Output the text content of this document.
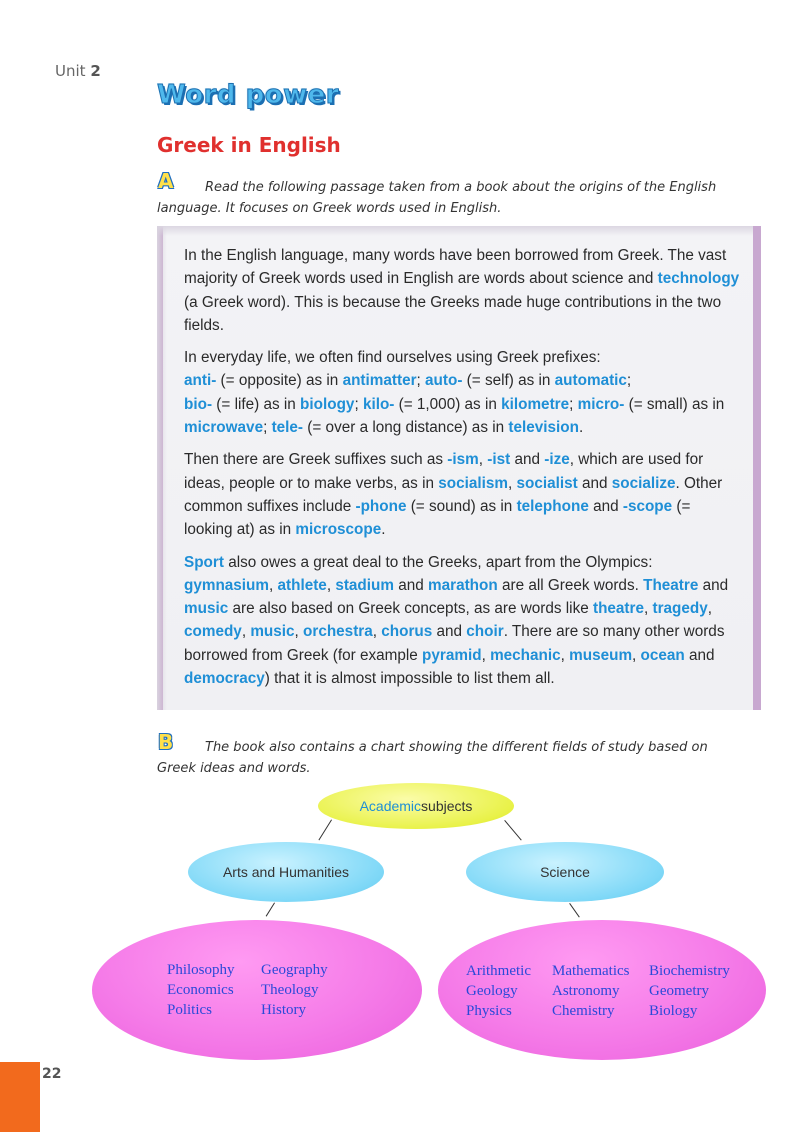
Unit 2
Word power
Greek in English
A	Read the following passage taken from a book about the origins of the English language. It focuses on Greek words used in English.

In the English language, many words have been borrowed from Greek. The vast majority of Greek words used in English are words about science and technology (a Greek word). This is because the Greeks made huge contributions in the two fields.

In everyday life, we often find ourselves using Greek prefixes:
anti- (= opposite) as in antimatter; auto- (= self) as in automatic;
bio- (= life) as in biology; kilo- (= 1,000) as in kilometre; micro- (= small) as in microwave; tele- (= over a long distance) as in television.

Then there are Greek suffixes such as -ism, -ist and -ize, which are used for ideas, people or to make verbs, as in socialism, socialist and socialize. Other common suffixes include -phone (= sound) as in telephone and -scope (= looking at) as in microscope.

Sport also owes a great deal to the Greeks, apart from the Olympics: gymnasium, athlete, stadium and marathon are all Greek words. Theatre and music are also based on Greek concepts, as are words like theatre, tragedy, comedy, music, orchestra, chorus and choir. There are so many other words borrowed from Greek (for example pyramid, mechanic, museum, ocean and democracy) that it is almost impossible to list them all.

B	The book also contains a chart showing the different fields of study based on Greek ideas and words.
Academic subjects
Arts and Humanities	Science
Philosophy
Economics
Politics
Geography
Theology
History
Arithmetic
Geology
Physics
Mathematics
Astronomy
Chemistry
Biochemistry
Geometry
Biology
22
